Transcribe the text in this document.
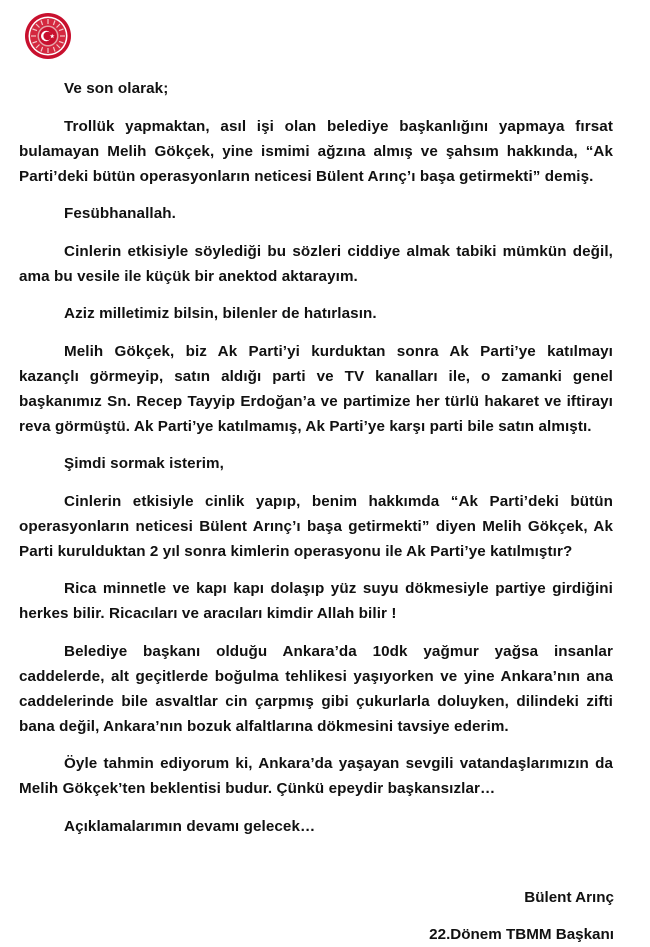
Ve son olarak;

Trollük yapmaktan, asıl işi olan belediye başkanlığını yapmaya fırsat bulamayan Melih Gökçek, yine ismimi ağzına almış ve şahsım hakkında, “Ak Parti’deki bütün operasyonların neticesi Bülent Arınç’ı başa getirmekti” demiş.

Fesübhanallah.

Cinlerin etkisiyle söylediği bu sözleri ciddiye almak tabiki mümkün değil, ama bu vesile ile küçük bir anektod aktarayım.

Aziz milletimiz bilsin, bilenler de hatırlasın.

Melih Gökçek, biz Ak Parti’yi kurduktan sonra Ak Parti’ye katılmayı kazançlı görmeyip, satın aldığı parti ve TV kanalları ile, o zamanki genel başkanımız Sn. Recep Tayyip Erdoğan’a ve partimize her türlü hakaret ve iftirayı reva görmüştü. Ak Parti’ye katılmamış, Ak Parti’ye karşı parti bile satın almıştı.

Şimdi sormak isterim,

Cinlerin etkisiyle cinlik yapıp, benim hakkımda “Ak Parti’deki bütün operasyonların neticesi Bülent Arınç’ı başa getirmekti” diyen Melih Gökçek, Ak Parti kurulduktan 2 yıl sonra kimlerin operasyonu ile Ak Parti’ye katılmıştır?

Rica minnetle ve kapı kapı dolaşıp yüz suyu dökmesiyle partiye girdiğini herkes bilir. Ricacıları ve aracıları kimdir Allah bilir !

Belediye başkanı olduğu Ankara’da 10dk yağmur yağsa insanlar caddelerde, alt geçitlerde boğulma tehlikesi yaşıyorken ve yine Ankara’nın ana caddelerinde bile asvaltlar cin çarpmış gibi çukurlarla doluyken, dilindeki zifti bana değil, Ankara’nın bozuk alfaltlarına dökmesini tavsiye ederim.

Öyle tahmin ediyorum ki, Ankara’da yaşayan sevgili vatandaşlarımızın da Melih Gökçek’ten beklentisi budur. Çünkü epeydir başkansızlar…

Açıklamalarımın devamı gelecek…

Bülent Arınç
22.Dönem TBMM Başkanı
